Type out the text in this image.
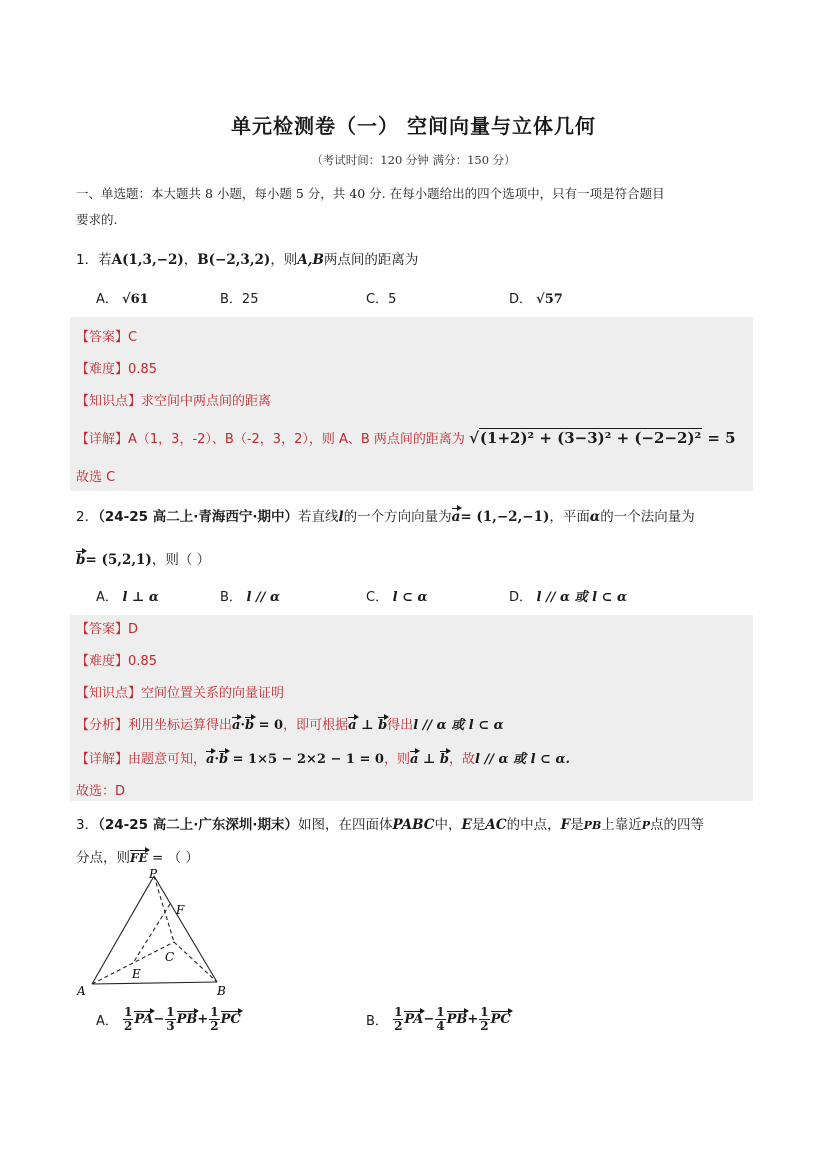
单元检测卷（一） 空间向量与立体几何
（考试时间：120 分钟 满分：150 分）
一、单选题：本大题共 8 小题，每小题 5 分，共 40 分. 在每小题给出的四个选项中，只有一项是符合题目
要求的.
1．若A(1,3,−2)，B(−2,3,2)，则A,B两点间的距离为
A． √61	B．25	C．5	D． √57
【答案】C
【难度】0.85
【知识点】求空间中两点间的距离
【详解】A（1，3，-2）、B（-2，3，2），则 A、B 两点间的距离为 √(1+2)² + (3−3)² + (−2−2)² = 5
故选 C
2．（24-25 高二上·青海西宁·期中）若直线l的一个方向向量为a= (1,−2,−1)，平面α的一个法向量为
b= (5,2,1)，则（ ）
A． l ⊥ α	B． l // α	C． l ⊂ α	D． l // α 或 l ⊂ α
【答案】D
【难度】0.85
【知识点】空间位置关系的向量证明
【分析】利用坐标运算得出a·b = 0，即可根据a ⊥ b得出l // α 或 l ⊂ α
【详解】由题意可知，a·b = 1×5 − 2×2 − 1 = 0，则a ⊥ b，故l // α 或 l ⊂ α.
故选：D
3．（24-25 高二上·广东深圳·期末）如图，在四面体PABC中，E是AC的中点，F是PB上靠近P点的四等
分点，则FE = （ ）
P
F
C
E
A	B
A． $\frac{1}{2} PA- \frac{1}{3} PB+ \frac{1}{2}$ PC	B． $\frac{1}{2} PA- \frac{1}{4} PB+ \frac{1}{2}$ PC
